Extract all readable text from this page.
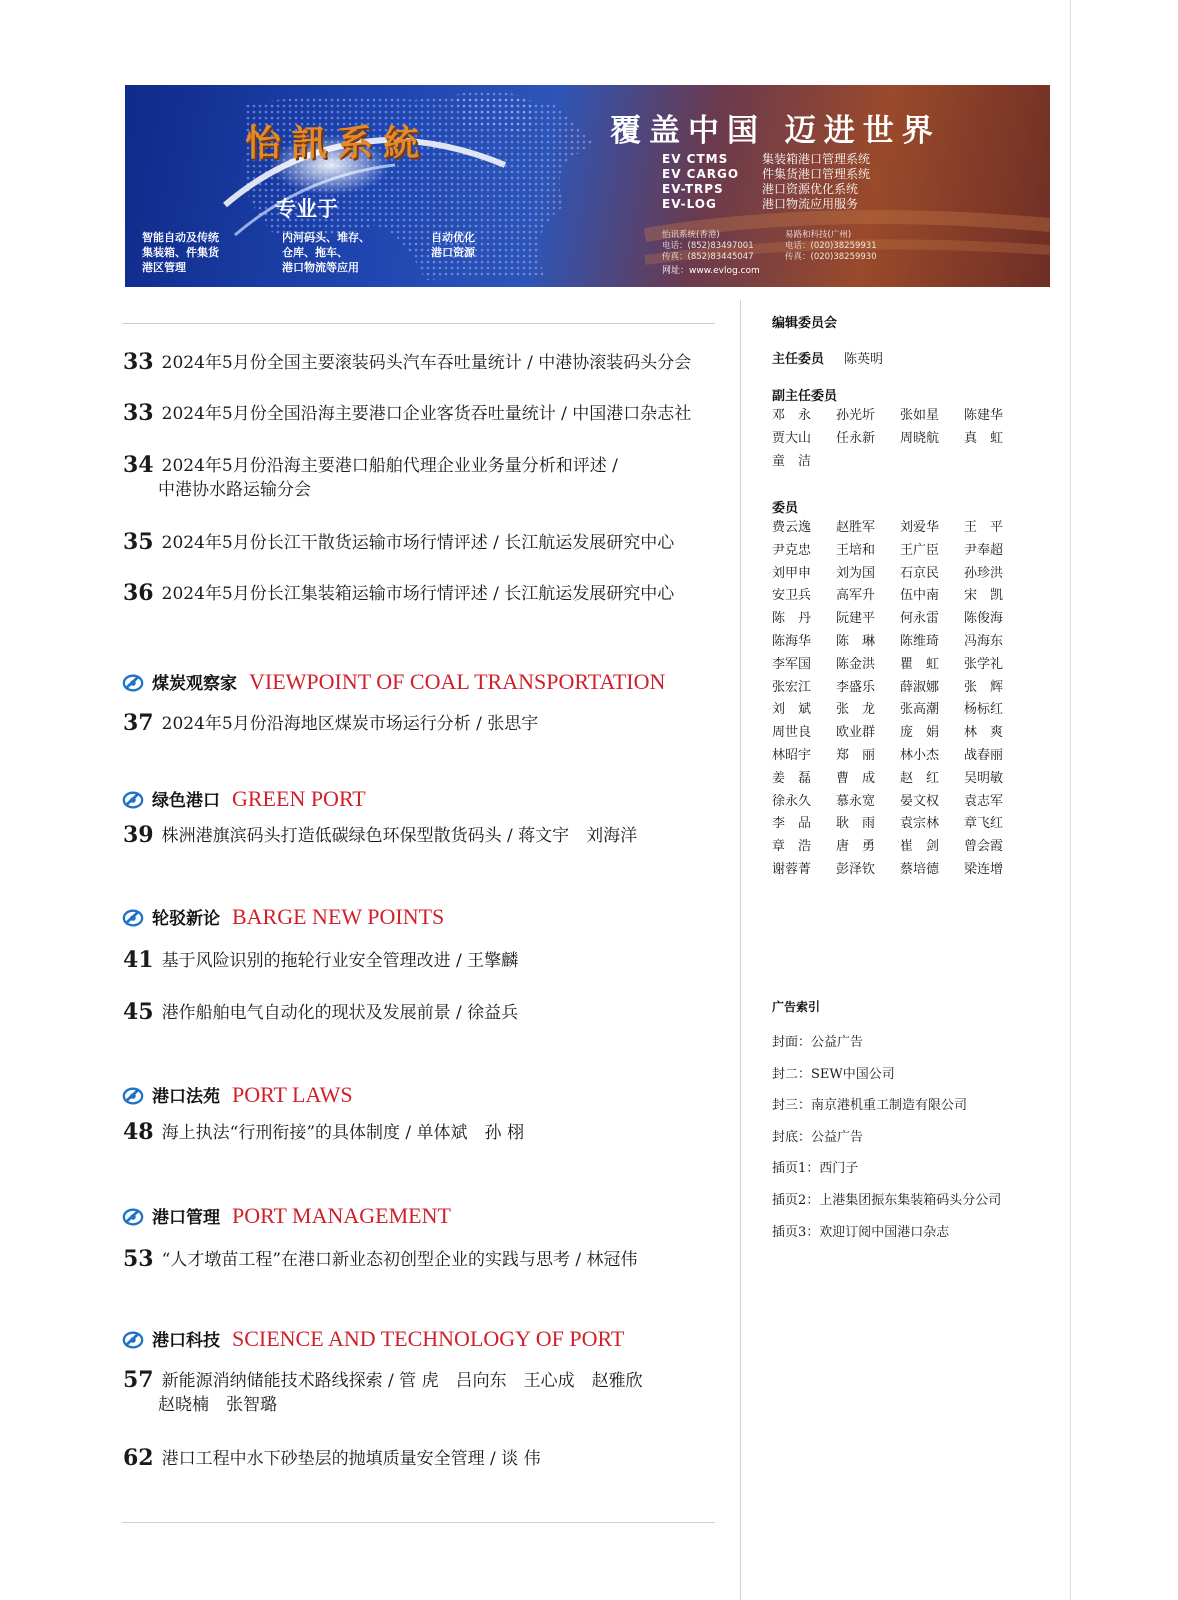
怡訊系統	覆盖中国 迈进世界
专业于
智能自动及传统
集装箱、件集货
港区管理
内河码头、堆存、
仓库、拖车、
港口物流等应用
自动优化
港口资源
EV CTMS	集装箱港口管理系统
EV CARGO 件集货港口管理系统
EV-TRPS	港口资源优化系统
EV-LOG	港口物流应用服务
怡讯系统(香港)
电话：(852)83497001
传真：(852)83445047
易路和科技(广州)
电话：(020)38259931
传真：(020)38259930
网址：www.evlog.com
33 2024年5月份全国主要滚装码头汽车吞吐量统计 / 中港协滚装码头分会
33 2024年5月份全国沿海主要港口企业客货吞吐量统计 / 中国港口杂志社
34 2024年5月份沿海主要港口船舶代理企业业务量分析和评述 /
中港协水路运输分会
35 2024年5月份长江干散货运输市场行情评述 / 长江航运发展研究中心
36 2024年5月份长江集装箱运输市场行情评述 / 长江航运发展研究中心
煤炭观察家 VIEWPOINT OF COAL TRANSPORTATION
37 2024年5月份沿海地区煤炭市场运行分析 / 张思宇
绿色港口 GREEN PORT
39 株洲港旗滨码头打造低碳绿色环保型散货码头 / 蒋文宇　刘海洋
轮驳新论 BARGE NEW POINTS
41 基于风险识别的拖轮行业安全管理改进 / 王擎麟
45 港作船舶电气自动化的现状及发展前景 / 徐益兵
港口法苑 PORT LAWS
48 海上执法“行刑衔接”的具体制度 / 单体斌　孙 栩
港口管理 PORT MANAGEMENT
53 “人才墩苗工程”在港口新业态初创型企业的实践与思考 / 林冠伟
港口科技 SCIENCE AND TECHNOLOGY OF PORT
57 新能源消纳储能技术路线探索 / 管 虎　吕向东　王心成　赵雅欣
赵晓楠　张智璐
62 港口工程中水下砂垫层的抛填质量安全管理 / 谈 伟
编辑委员会
主任委员 陈英明
副主任委员
邓　永	孙光圻	张如星	陈建华
贾大山	任永新	周晓航	真　虹
童　洁
委员
费云逸	赵胜军	刘爱华	王　平
尹克忠	王培和	王广臣	尹奉超
刘甲申	刘为国	石京民	孙珍洪
安卫兵	高军升	伍中南	宋　凯
陈　丹	阮建平	何永雷	陈俊海
陈海华	陈　琳	陈维琦	冯海东
李军国	陈金洪	瞿　虹	张学礼
张宏江	李盛乐	薛淑娜	张　辉
刘　斌	张　龙	张高潮	杨标红
周世良	欧业群	庞　娟	林　爽
林昭宇	郑　丽	林小杰	战春丽
姜　磊	曹　成	赵　红	吴明敏
徐永久	慕永宽	晏文权	袁志军
李　品	耿　雨	袁宗林	章飞红
章　浩	唐　勇	崔　剑	曾会霞
谢蓉菁	彭泽钦	蔡培德	梁连增
广告索引
封面：公益广告
封二：SEW中国公司
封三：南京港机重工制造有限公司
封底：公益广告
插页1：西门子
插页2：上港集团振东集装箱码头分公司
插页3：欢迎订阅中国港口杂志
